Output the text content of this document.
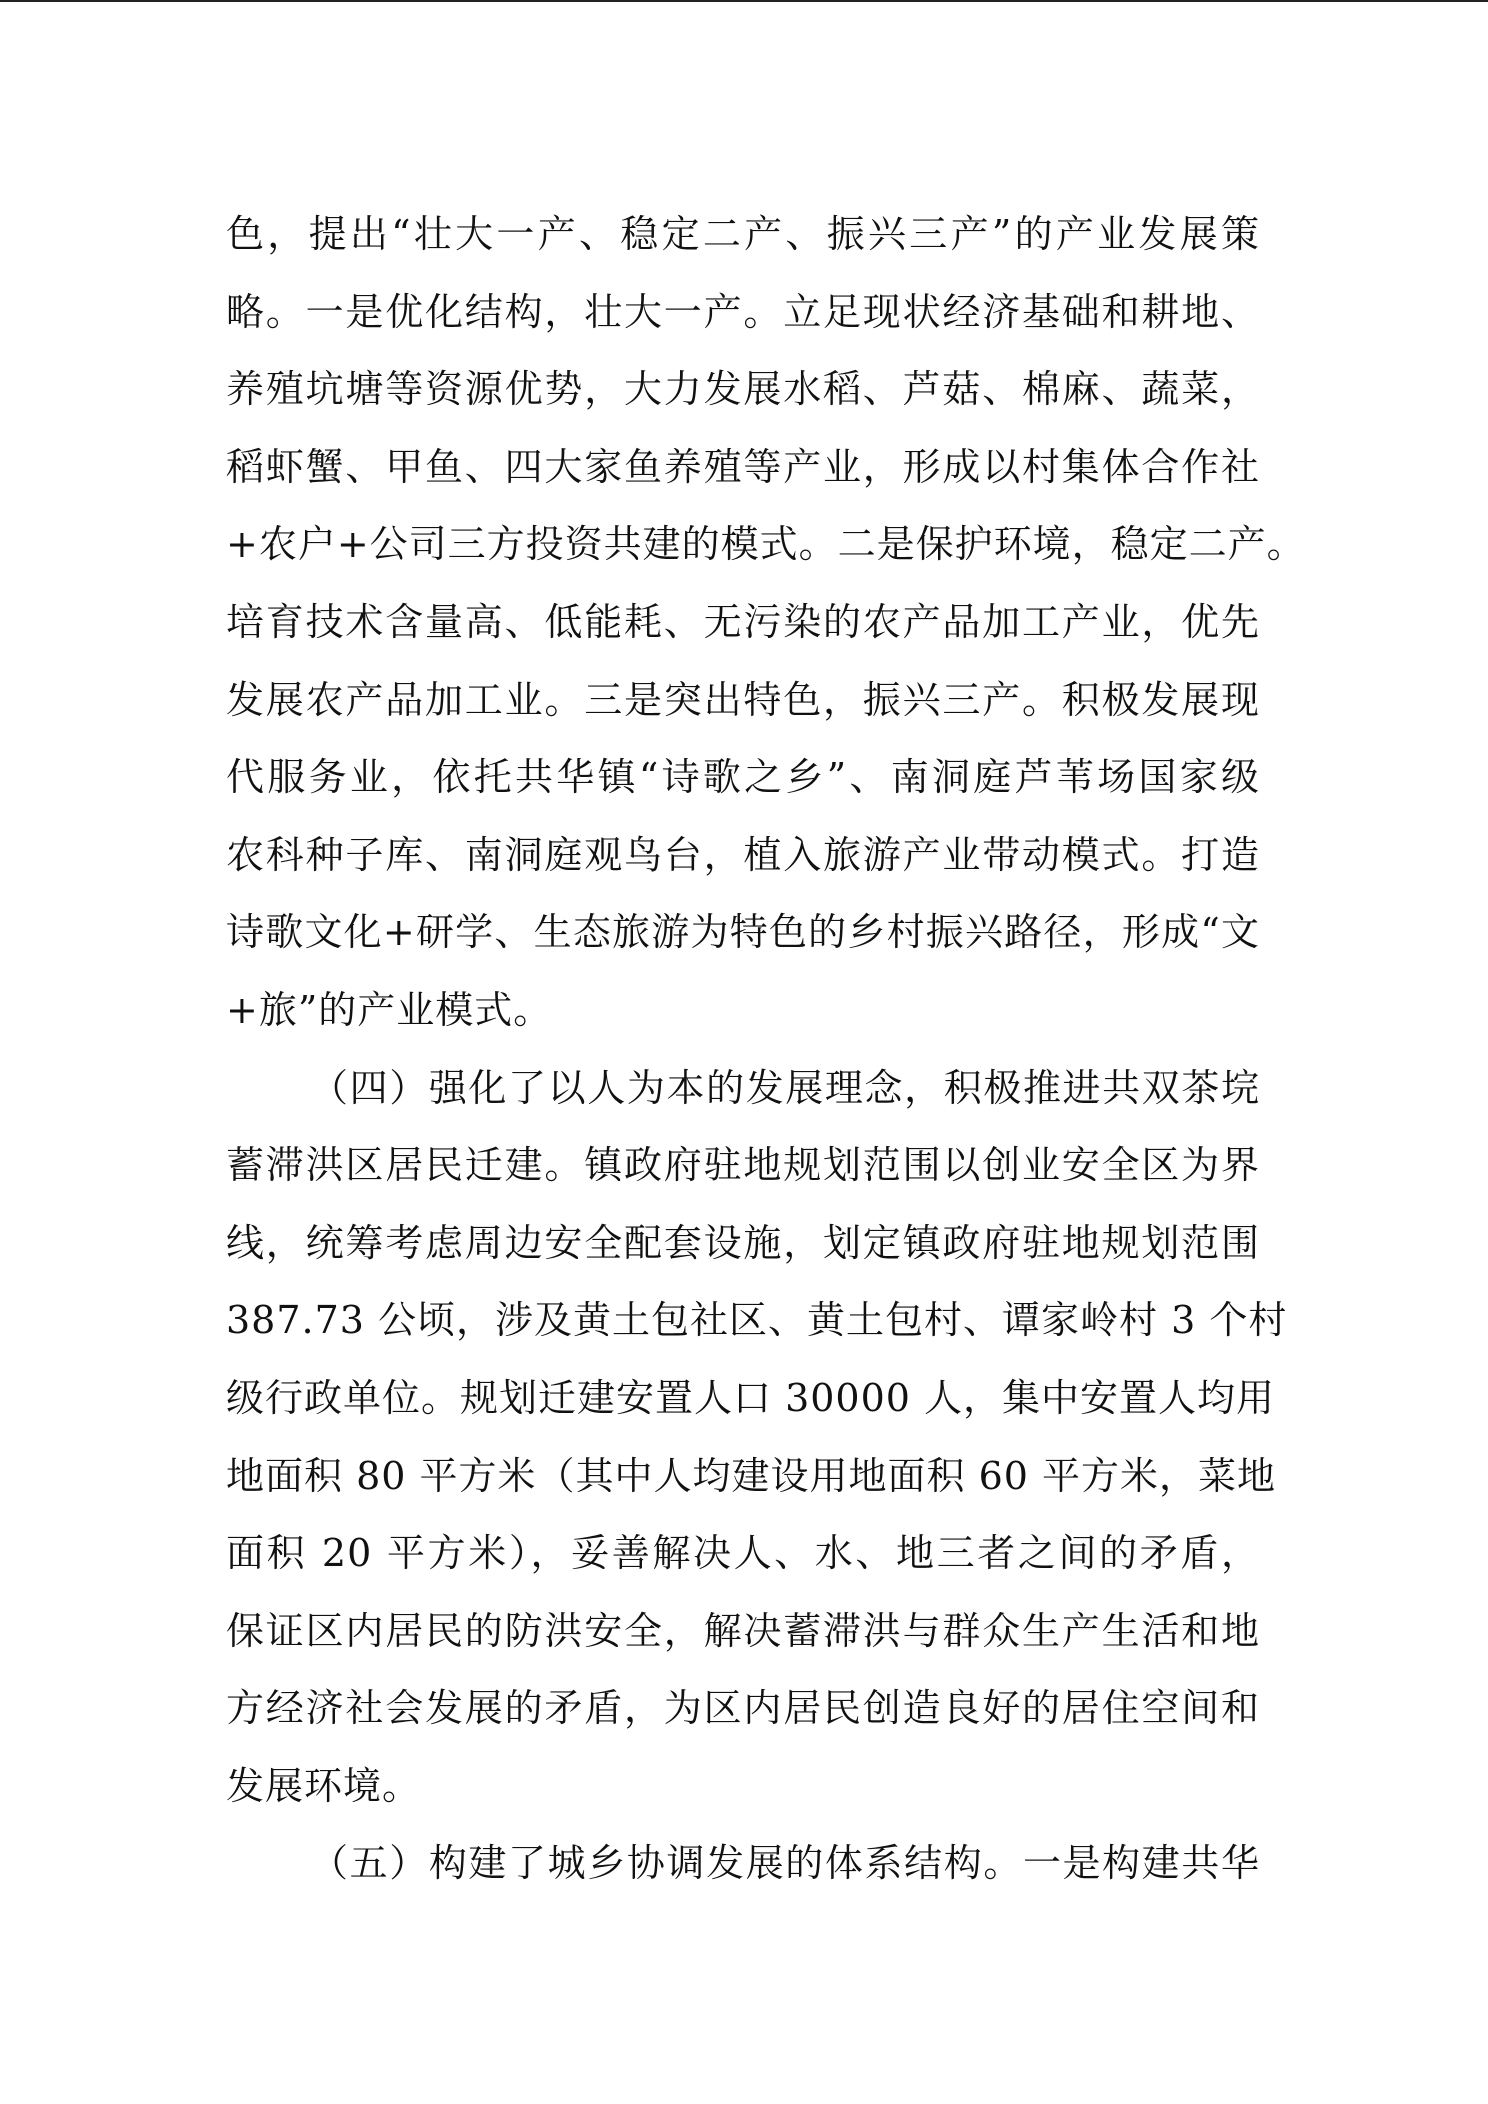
色，提出“壮大一产、稳定二产、振兴三产”的产业发展策
略。一是优化结构，壮大一产。立足现状经济基础和耕地、
养殖坑塘等资源优势，大力发展水稻、芦菇、棉麻、蔬菜，
稻虾蟹、甲鱼、四大家鱼养殖等产业，形成以村集体合作社
+农户+公司三方投资共建的模式。二是保护环境，稳定二产。
培育技术含量高、低能耗、无污染的农产品加工产业，优先
发展农产品加工业。三是突出特色，振兴三产。积极发展现
代服务业，依托共华镇“诗歌之乡”、南洞庭芦苇场国家级
农科种子库、南洞庭观鸟台，植入旅游产业带动模式。打造
诗歌文化+研学、生态旅游为特色的乡村振兴路径，形成“文
+旅”的产业模式。
（四）强化了以人为本的发展理念，积极推进共双茶垸
蓄滞洪区居民迁建。镇政府驻地规划范围以创业安全区为界
线，统筹考虑周边安全配套设施，划定镇政府驻地规划范围
387.73 公顷，涉及黄土包社区、黄土包村、谭家岭村 3 个村
级行政单位。规划迁建安置人口 30000 人，集中安置人均用
地面积 80 平方米（其中人均建设用地面积 60 平方米，菜地
面积 20 平方米），妥善解决人、水、地三者之间的矛盾，
保证区内居民的防洪安全，解决蓄滞洪与群众生产生活和地
方经济社会发展的矛盾，为区内居民创造良好的居住空间和
发展环境。
（五）构建了城乡协调发展的体系结构。一是构建共华
